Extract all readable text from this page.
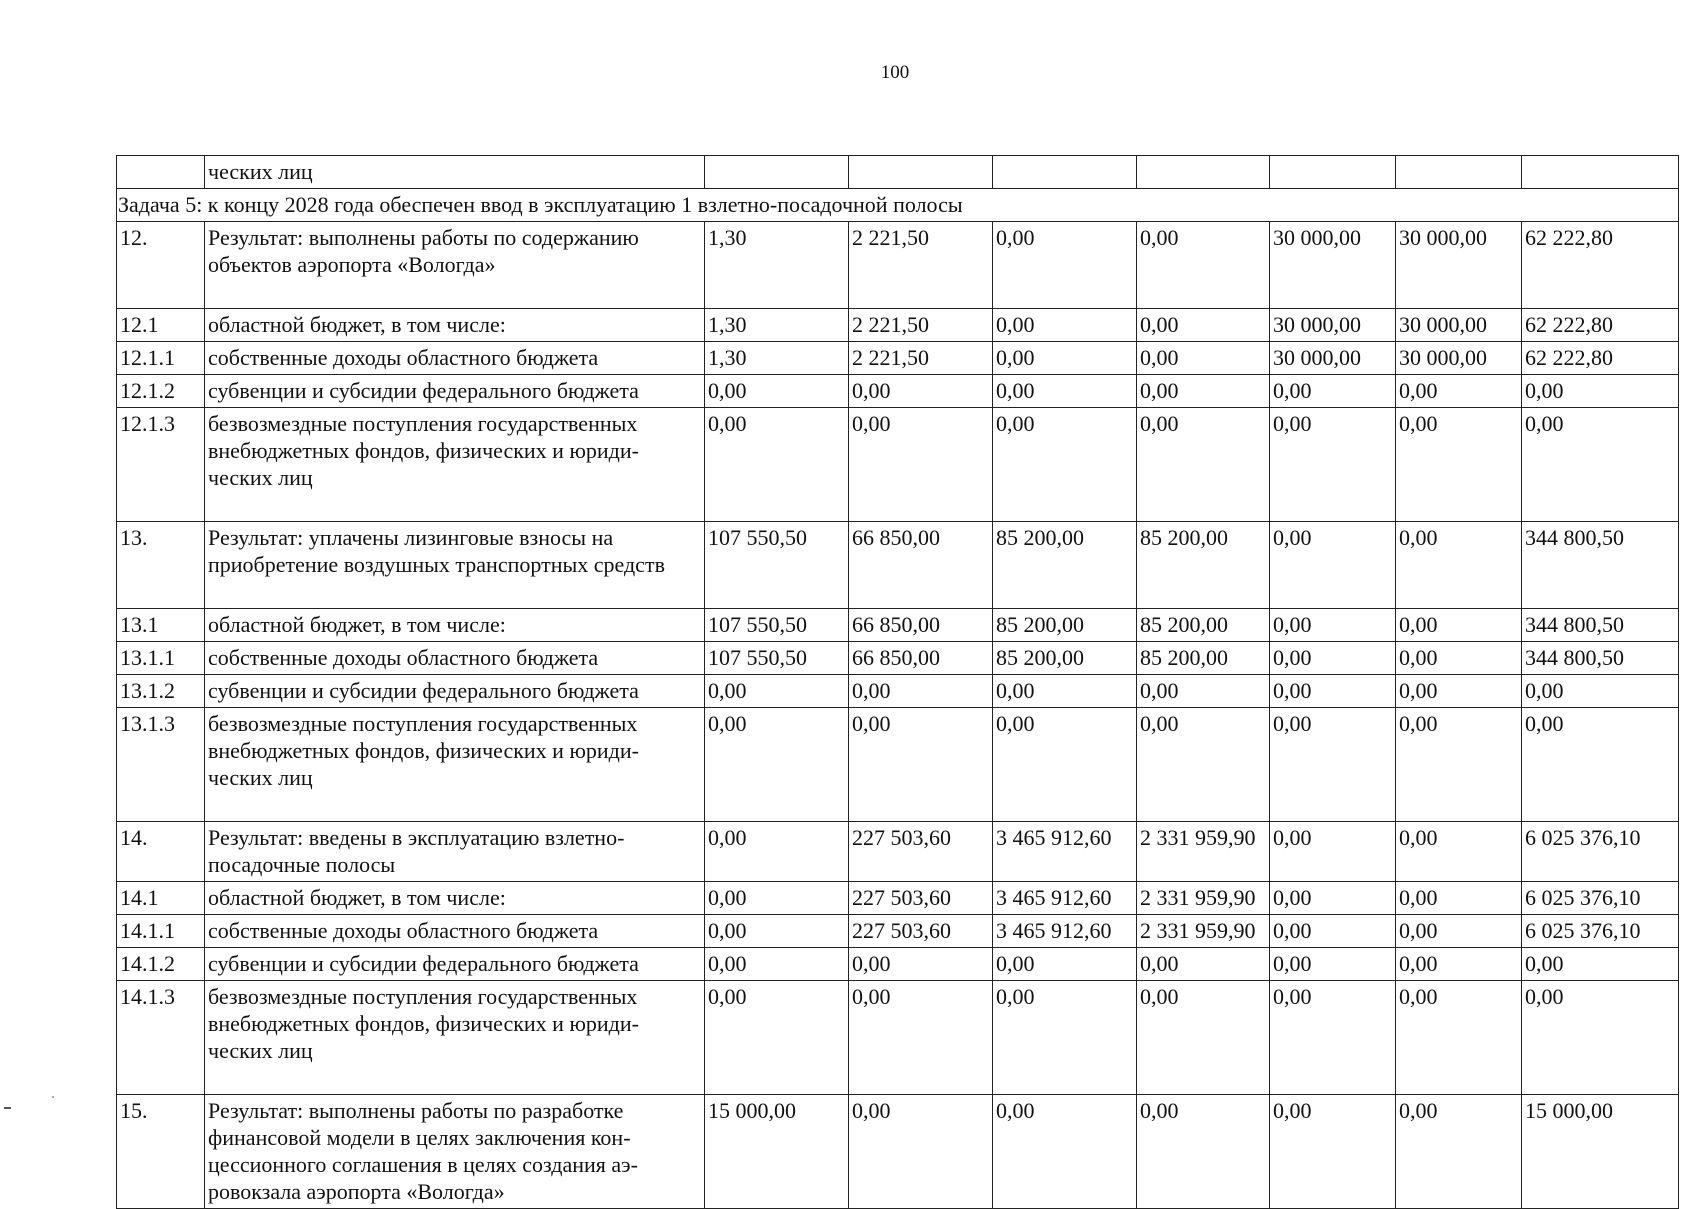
100
	ческих лиц							
Задача 5: к концу 2028 года обеспечен ввод в эксплуатацию 1 взлетно-посадочной полосы								
12.	Результат: выполнены работы по содержанию объектов аэропорта «Вологда»	1,30	2 221,50	0,00	0,00	30 000,00	30 000,00	62 222,80
12.1	областной бюджет, в том числе:	1,30	2 221,50	0,00	0,00	30 000,00	30 000,00	62 222,80
12.1.1	собственные доходы областного бюджета	1,30	2 221,50	0,00	0,00	30 000,00	30 000,00	62 222,80
12.1.2	субвенции и субсидии федерального бюджета	0,00	0,00	0,00	0,00	0,00	0,00	0,00
12.1.3	безвозмездные поступления государственных внебюджетных фондов, физических и юриди-ческих лиц	0,00	0,00	0,00	0,00	0,00	0,00	0,00
13.	Результат: уплачены лизинговые взносы на приобретение воздушных транспортных средств	107 550,50	66 850,00	85 200,00	85 200,00	0,00	0,00	344 800,50
13.1	областной бюджет, в том числе:	107 550,50	66 850,00	85 200,00	85 200,00	0,00	0,00	344 800,50
13.1.1	собственные доходы областного бюджета	107 550,50	66 850,00	85 200,00	85 200,00	0,00	0,00	344 800,50
13.1.2	субвенции и субсидии федерального бюджета	0,00	0,00	0,00	0,00	0,00	0,00	0,00
13.1.3	безвозмездные поступления государственных внебюджетных фондов, физических и юриди-ческих лиц	0,00	0,00	0,00	0,00	0,00	0,00	0,00
14.	Результат: введены в эксплуатацию взлетно-посадочные полосы	0,00	227 503,60	3 465 912,60	2 331 959,90	0,00	0,00	6 025 376,10
14.1	областной бюджет, в том числе:	0,00	227 503,60	3 465 912,60	2 331 959,90	0,00	0,00	6 025 376,10
14.1.1	собственные доходы областного бюджета	0,00	227 503,60	3 465 912,60	2 331 959,90	0,00	0,00	6 025 376,10
14.1.2	субвенции и субсидии федерального бюджета	0,00	0,00	0,00	0,00	0,00	0,00	0,00
14.1.3	безвозмездные поступления государственных внебюджетных фондов, физических и юриди-ческих лиц	0,00	0,00	0,00	0,00	0,00	0,00	0,00
15.	Результат: выполнены работы по разработке финансовой модели в целях заключения кон-цессионного соглашения в целях создания аэ-ровокзала аэропорта «Вологда»	15 000,00	0,00	0,00	0,00	0,00	0,00	15 000,00
